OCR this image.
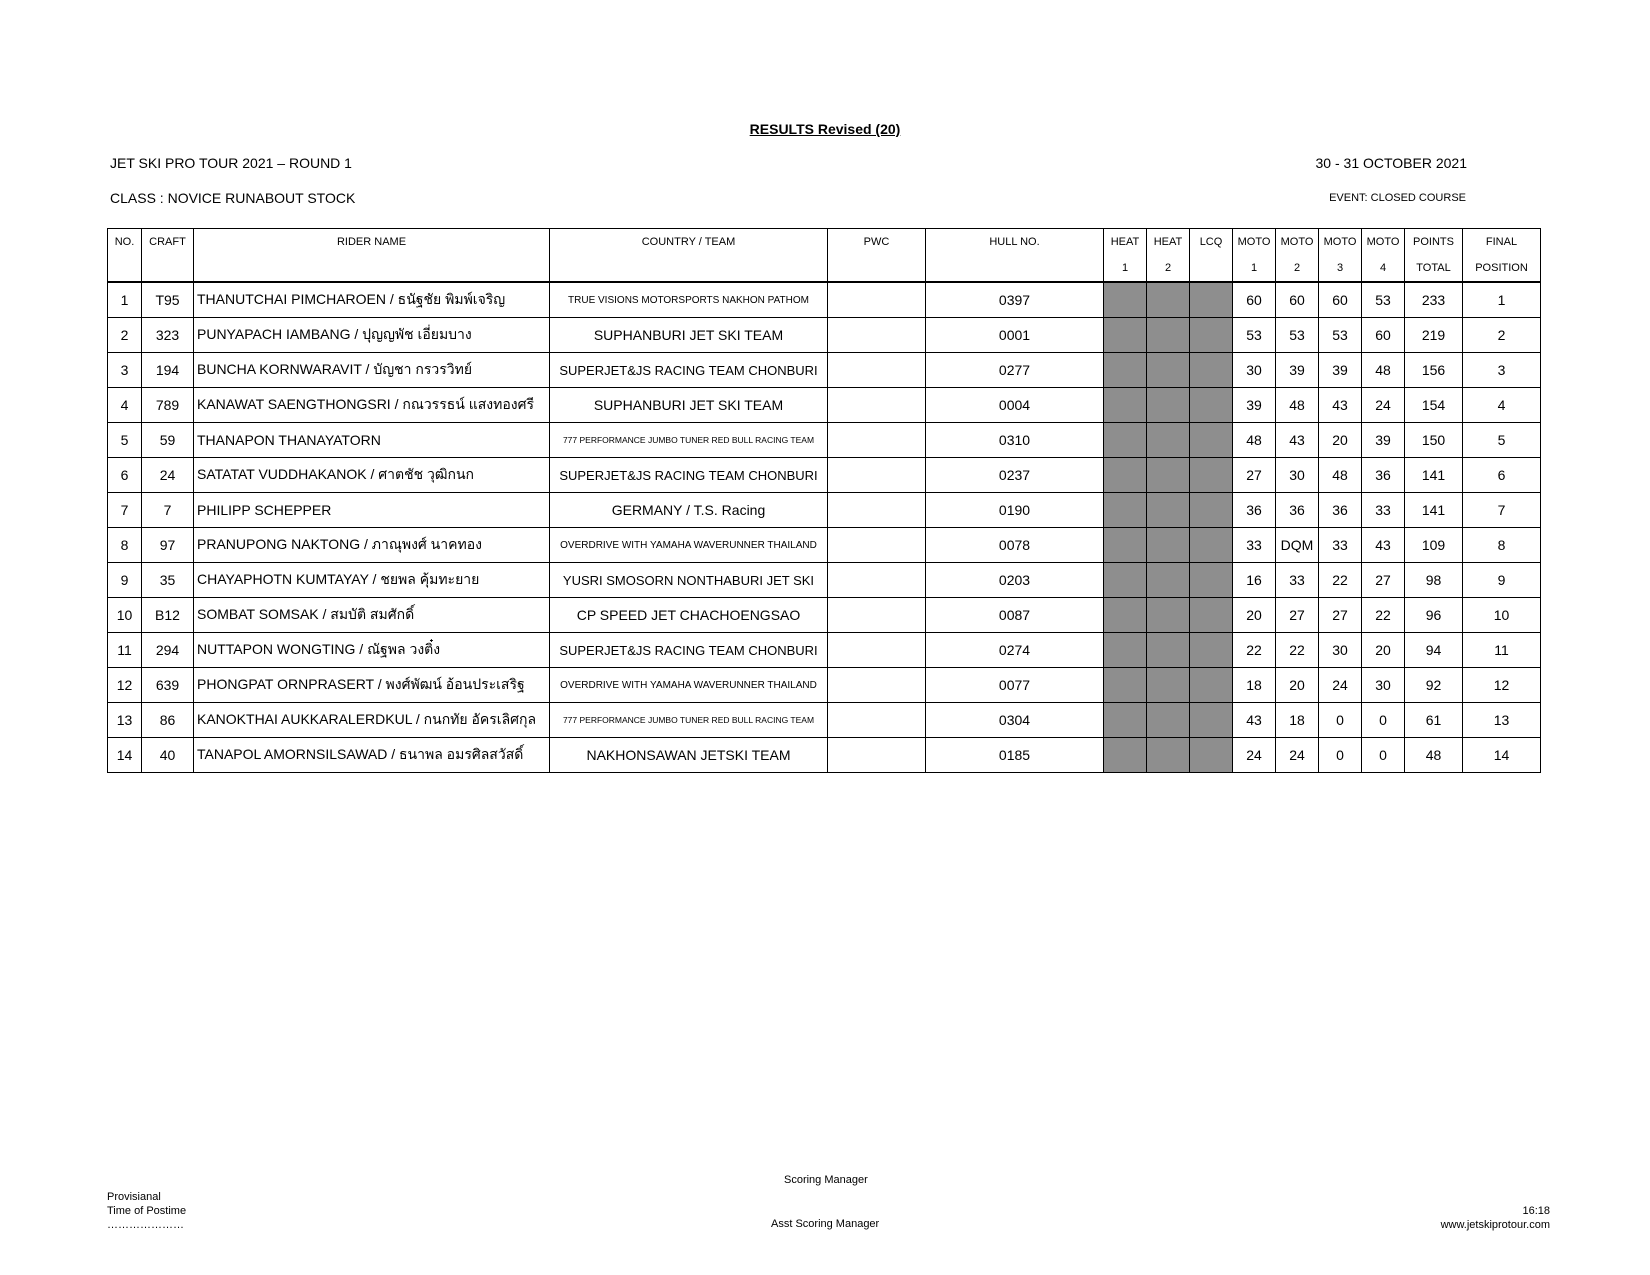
RESULTS Revised (20)
JET SKI PRO TOUR 2021 – ROUND 1	30 - 31 OCTOBER 2021
CLASS : NOVICE RUNABOUT STOCK	EVENT: CLOSED COURSE
NO.	CRAFT	RIDER NAME	COUNTRY / TEAM	PWC	HULL NO.	HEAT	HEAT	LCQ	MOTO	MOTO	MOTO	MOTO	POINTS	FINAL
						1	2		1	2	3	4	TOTAL	POSITION
1	T95	THANUTCHAI PIMCHAROEN / ธนัฐชัย พิมพ์เจริญ	TRUE VISIONS MOTORSPORTS NAKHON PATHOM		0397				60	60	60	53	233	1
2	323	PUNYAPACH IAMBANG / ปุญญพัช เอี่ยมบาง	SUPHANBURI JET SKI TEAM		0001				53	53	53	60	219	2
3	194	BUNCHA KORNWARAVIT / บัญชา กรวรวิทย์	SUPERJET&JS RACING TEAM CHONBURI		0277				30	39	39	48	156	3
4	789	KANAWAT SAENGTHONGSRI / กณวรรธน์ แสงทองศรี	SUPHANBURI JET SKI TEAM		0004				39	48	43	24	154	4
5	59	THANAPON THANAYATORN	777 PERFORMANCE JUMBO TUNER RED BULL RACING TEAM		0310				48	43	20	39	150	5
6	24	SATATAT VUDDHAKANOK / ศาตชัช วุฒิกนก	SUPERJET&JS RACING TEAM CHONBURI		0237				27	30	48	36	141	6
7	7	PHILIPP SCHEPPER	GERMANY / T.S. Racing		0190				36	36	36	33	141	7
8	97	PRANUPONG NAKTONG / ภาณุพงศ์ นาคทอง	OVERDRIVE WITH YAMAHA WAVERUNNER THAILAND		0078				33	DQM	33	43	109	8
9	35	CHAYAPHOTN KUMTAYAY / ชยพล คุ้มทะยาย	YUSRI SMOSORN NONTHABURI JET SKI		0203				16	33	22	27	98	9
10	B12	SOMBAT SOMSAK / สมบัติ สมศักดิ์	CP SPEED JET CHACHOENGSAO		0087				20	27	27	22	96	10
11	294	NUTTAPON WONGTING / ณัฐพล วงติ๋ง	SUPERJET&JS RACING TEAM CHONBURI		0274				22	22	30	20	94	11
12	639	PHONGPAT ORNPRASERT / พงศ์พัฒน์ อ้อนประเสริฐ	OVERDRIVE WITH YAMAHA WAVERUNNER THAILAND		0077				18	20	24	30	92	12
13	86	KANOKTHAI AUKKARALERDKUL / กนกทัย อัครเลิศกุล	777 PERFORMANCE JUMBO TUNER RED BULL RACING TEAM		0304				43	18	0	0	61	13
14	40	TANAPOL AMORNSILSAWAD / ธนาพล อมรศิลสวัสดิ์	NAKHONSAWAN JETSKI TEAM		0185				24	24	0	0	48	14
Scoring Manager
Asst Scoring Manager
Provisianal
Time of Postime
…………………
16:18
www.jetskiprotour.com
